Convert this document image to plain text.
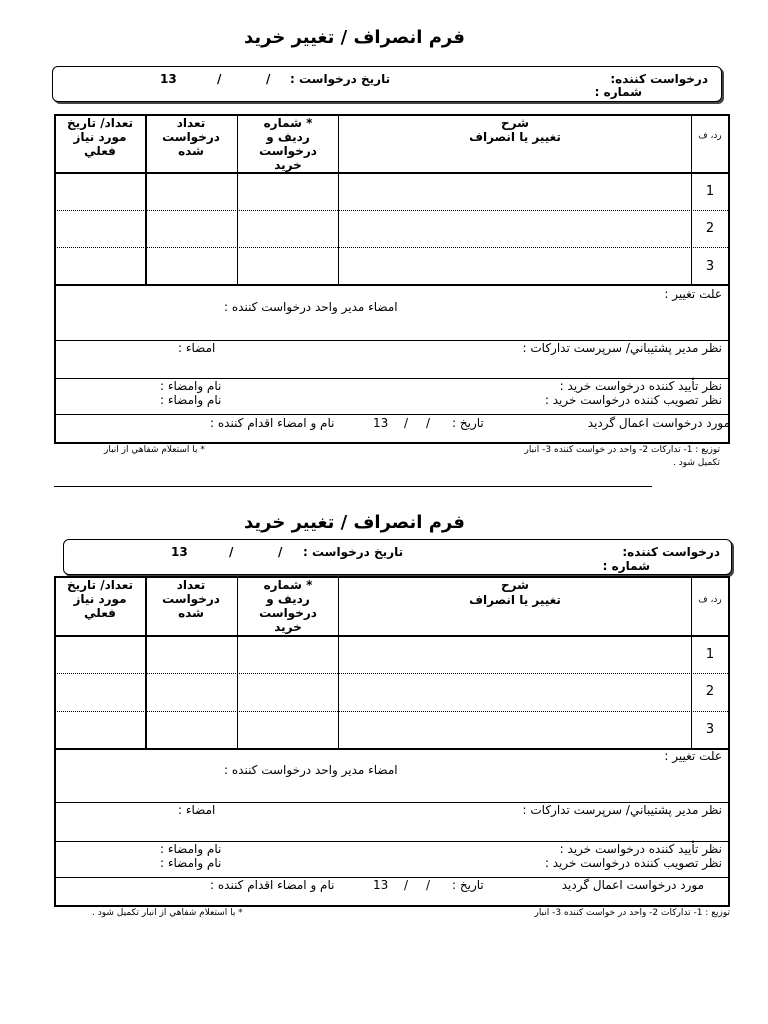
فرم انصراف / تغيير خريد
درخواست كننده:
شماره :
تاريخ درخواست :
/
/
13
رد، ف
شرح
تغيير يا انصراف
* شماره رديف و درخواست خريد
تعداد درخواست شده
تعداد/ تاريخ مورد نياز فعلي
1
2
3
علت تغيير :
امضاء مدير واحد درخواست كننده :
نظر مدير پشتيباني/ سرپرست تداركات :
امضاء :
نظر تأييد كننده درخواست خريد :
نظر تصويب كننده درخواست خريد :
نام وامضاء :
نام وامضاء :
مورد درخواست اعمال گرديد
تاريخ :
/
/
13
نام و امضاء اقدام كننده :
توزيع : 1- تداركات 2- واحد در خواست كننده 3- انبار
تكميل شود .
* با استعلام شفاهي از انبار
فرم انصراف / تغيير خريد
درخواست كننده:
شماره :
تاريخ درخواست :
/
/
13
رد، ف
شرح
تغيير يا انصراف
* شماره رديف و درخواست خريد
تعداد درخواست شده
تعداد/ تاريخ مورد نياز فعلي
1
2
3
علت تغيير :
امضاء مدير واحد درخواست كننده :
نظر مدير پشتيباني/ سرپرست تداركات :
امضاء :
نظر تأييد كننده درخواست خريد :
نظر تصويب كننده درخواست خريد :
نام وامضاء :
نام وامضاء :
مورد درخواست اعمال گرديد
تاريخ :
/
/
13
نام و امضاء اقدام كننده :
توزيع : 1- تداركات 2- واحد در خواست كننده 3- انبار
* با استعلام شفاهي از انبار تكميل شود .
